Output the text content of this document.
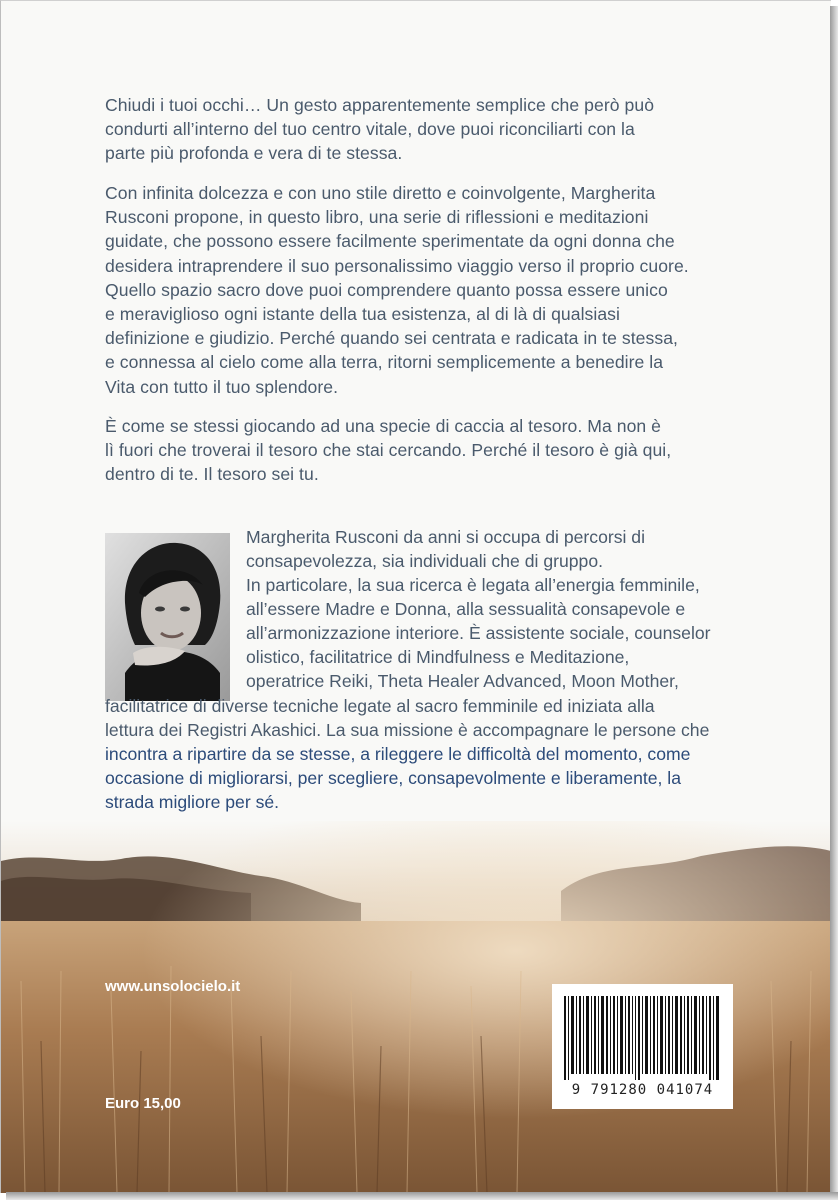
Chiudi i tuoi occhi… Un gesto apparentemente semplice che però può

condurti all’interno del tuo centro vitale, dove puoi riconciliarti con la

parte più profonda e vera di te stessa.

Con infinita dolcezza e con uno stile diretto e coinvolgente, Margherita

Rusconi propone, in questo libro, una serie di riflessioni e meditazioni

guidate, che possono essere facilmente sperimentate da ogni donna che

desidera intraprendere il suo personalissimo viaggio verso il proprio cuore.

Quello spazio sacro dove puoi comprendere quanto possa essere unico

e meraviglioso ogni istante della tua esistenza, al di là di qualsiasi

definizione e giudizio. Perché quando sei centrata e radicata in te stessa,

e connessa al cielo come alla terra, ritorni semplicemente a benedire la

Vita con tutto il tuo splendore.

È come se stessi giocando ad una specie di caccia al tesoro. Ma non è

lì fuori che troverai il tesoro che stai cercando. Perché il tesoro è già qui,

dentro di te. Il tesoro sei tu.

Margherita Rusconi da anni si occupa di percorsi di
consapevolezza, sia individuali che di gruppo.
In particolare, la sua ricerca è legata all’energia femminile,
all’essere Madre e Donna, alla sessualità consapevole e
all’armonizzazione interiore. È assistente sociale, counselor
olistico, facilitatrice di Mindfulness e Meditazione,
operatrice Reiki, Theta Healer Advanced, Moon Mother,
facilitatrice di diverse tecniche legate al sacro femminile ed iniziata alla
lettura dei Registri Akashici. La sua missione è accompagnare le persone che
incontra a ripartire da se stesse, a rileggere le difficoltà del momento, come
occasione di migliorarsi, per scegliere, consapevolmente e liberamente, la
strada migliore per sé.
www.unsolocielo.it
Euro 15,00
9 791280 041074
